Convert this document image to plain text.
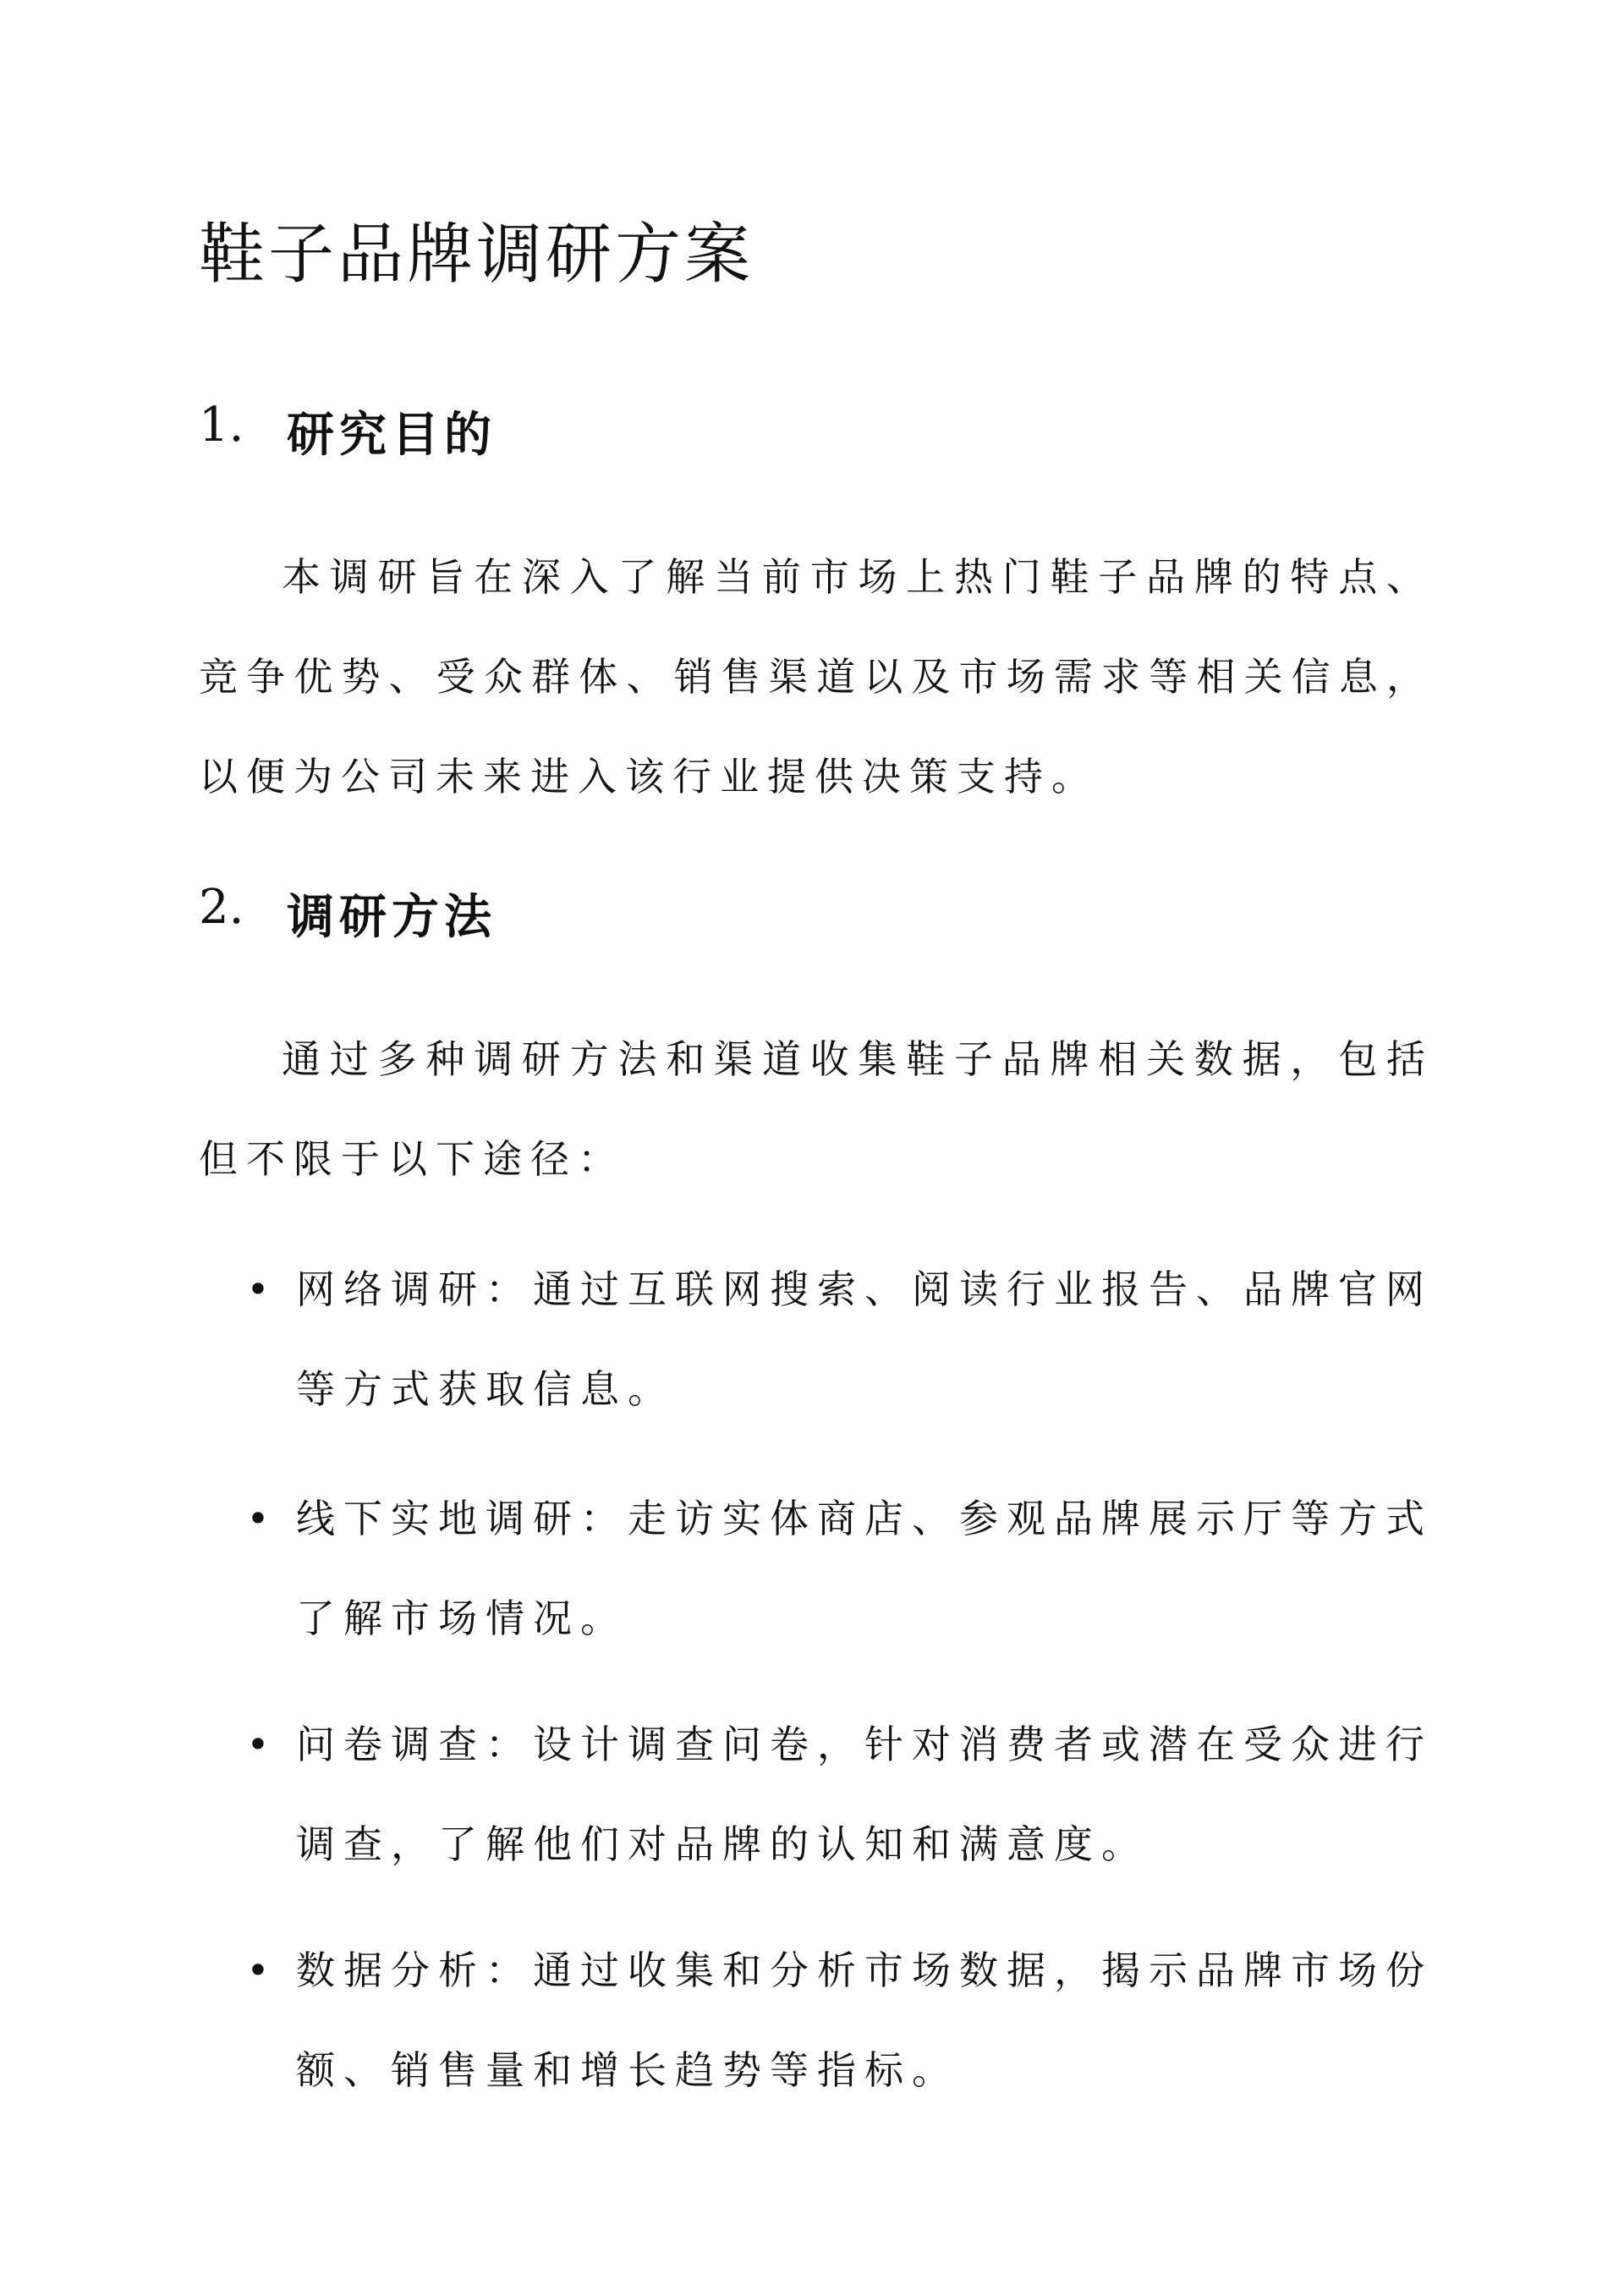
鞋子品牌调研方案
1. 研究目的

本调研旨在深入了解当前市场上热门鞋子品牌的特点、竞争优势、受众群体、销售渠道以及市场需求等相关信息，以便为公司未来进入该行业提供决策支持。

2. 调研方法

通过多种调研方法和渠道收集鞋子品牌相关数据，包括但不限于以下途径：

• 网络调研：通过互联网搜索、阅读行业报告、品牌官网等方式获取信息。
• 线下实地调研：走访实体商店、参观品牌展示厅等方式了解市场情况。
• 问卷调查：设计调查问卷，针对消费者或潜在受众进行调查，了解他们对品牌的认知和满意度。
• 数据分析：通过收集和分析市场数据，揭示品牌市场份额、销售量和增长趋势等指标。
